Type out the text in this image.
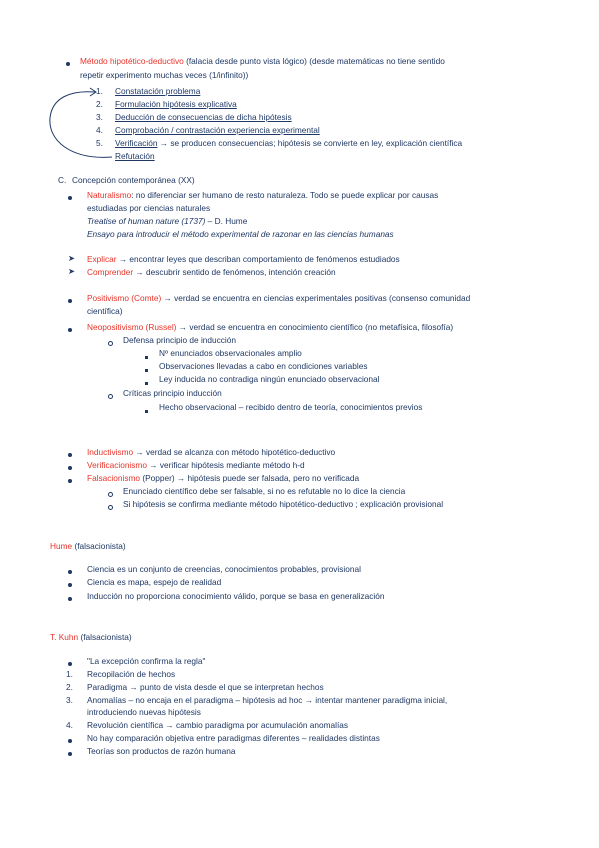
Método hipotético-deductivo (falacia desde punto vista lógico) (desde matemáticas no tiene sentido
repetir experimento muchas veces (1/infinito))
1. Constatación problema
2. Formulación hipótesis explicativa
3. Deducción de consecuencias de dicha hipótesis
4. Comprobación / contrastación experiencia experimental
5. Verificación → se producen consecuencias; hipótesis se convierte en ley, explicación científica
Refutación
C. Concepción contemporánea (XX)
Naturalismo: no diferenciar ser humano de resto naturaleza. Todo se puede explicar por causas
estudiadas por ciencias naturales
Treatise of human nature (1737) – D. Hume
Ensayo para introducir el método experimental de razonar en las ciencias humanas
➤ Explicar → encontrar leyes que describan comportamiento de fenómenos estudiados
➤ Comprender → descubrir sentido de fenómenos, intención creación
Positivismo (Comte) → verdad se encuentra en ciencias experimentales positivas (consenso comunidad
científica)
Neopositivismo (Russel) → verdad se encuentra en conocimiento científico (no metafísica, filosofía)
Defensa principio de inducción
Nº enunciados observacionales amplio
Observaciones llevadas a cabo en condiciones variables
Ley inducida no contradiga ningún enunciado observacional
Críticas principio inducción
Hecho observacional – recibido dentro de teoría, conocimientos previos
Inductivismo → verdad se alcanza con método hipotético-deductivo
Verificacionismo → verificar hipótesis mediante método h-d
Falsacionismo (Popper) → hipótesis puede ser falsada, pero no verificada
Enunciado científico debe ser falsable, si no es refutable no lo dice la ciencia
Si hipótesis se confirma mediante método hipotético-deductivo ; explicación provisional
Hume (falsacionista)
Ciencia es un conjunto de creencias, conocimientos probables, provisional
Ciencia es mapa, espejo de realidad
Inducción no proporciona conocimiento válido, porque se basa en generalización
T. Kuhn (falsacionista)
"La excepción confirma la regla"
1. Recopilación de hechos
2. Paradigma → punto de vista desde el que se interpretan hechos
3. Anomalías – no encaja en el paradigma – hipótesis ad hoc → intentar mantener paradigma inicial,
introduciendo nuevas hipótesis
4. Revolución científica → cambio paradigma por acumulación anomalías
No hay comparación objetiva entre paradigmas diferentes – realidades distintas
Teorías son productos de razón humana
